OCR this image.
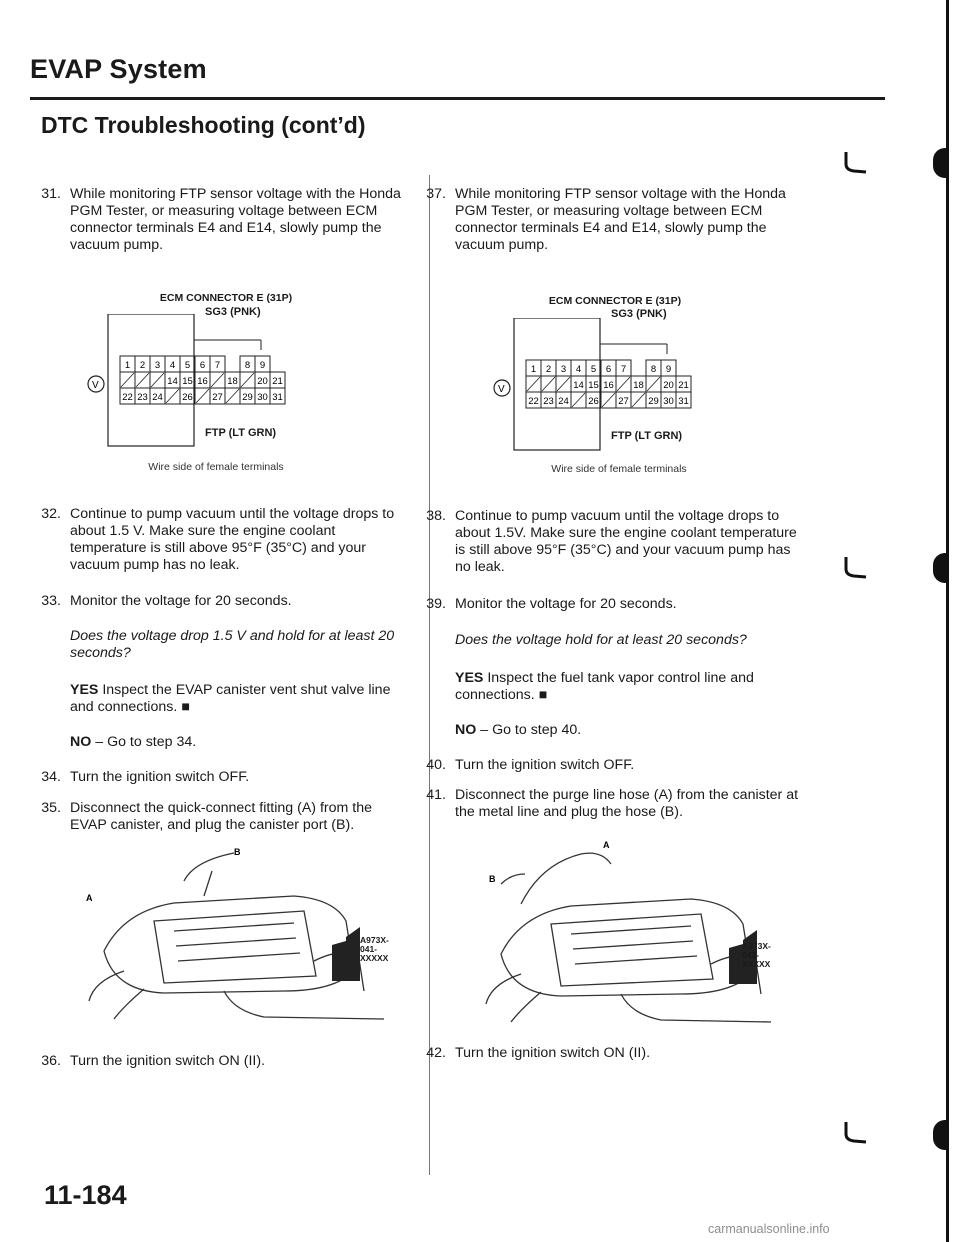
EVAP System
DTC Troubleshooting (cont’d)
31. While monitoring FTP sensor voltage with the Honda PGM Tester, or measuring voltage between ECM connector terminals E4 and E14, slowly pump the vacuum pump.
ECM CONNECTOR E (31P)
V
1 2 3 4 5 6 7	8 9
14 15 16 18 20 21
22 23 24 26 27 29 30 31
SG3 (PNK)
FTP (LT GRN)
Wire side of female terminals
32. Continue to pump vacuum until the voltage drops to about 1.5 V. Make sure the engine coolant temperature is still above 95°F (35°C) and your vacuum pump has no leak.
33. Monitor the voltage for 20 seconds.
Does the voltage drop 1.5 V and hold for at least 20 seconds?
YES Inspect the EVAP canister vent shut valve line and connections. ■
NO – Go to step 34.
34. Turn the ignition switch OFF.
35. Disconnect the quick-connect fitting (A) from the EVAP canister, and plug the canister port (B).
B
A
A973X-
041-
XXXXX
36. Turn the ignition switch ON (II).
37. While monitoring FTP sensor voltage with the Honda PGM Tester, or measuring voltage between ECM connector terminals E4 and E14, slowly pump the vacuum pump.
ECM CONNECTOR E (31P)
V
1 2 3 4 5 6 7	8 9
14 15 16 18 20 21
22 23 24 26 27 29 30 31
SG3 (PNK)
FTP (LT GRN)
Wire side of female terminals
38. Continue to pump vacuum until the voltage drops to about 1.5V. Make sure the engine coolant temperature is still above 95°F (35°C) and your vacuum pump has no leak.
39. Monitor the voltage for 20 seconds.
Does the voltage hold for at least 20 seconds?
YES Inspect the fuel tank vapor control line and connections. ■
NO – Go to step 40.
40. Turn the ignition switch OFF.
41. Disconnect the purge line hose (A) from the canister at the metal line and plug the hose (B).
A
B
A973X-
041-
XXXXX
42. Turn the ignition switch ON (II).
11-184
carmanualsonline.info
